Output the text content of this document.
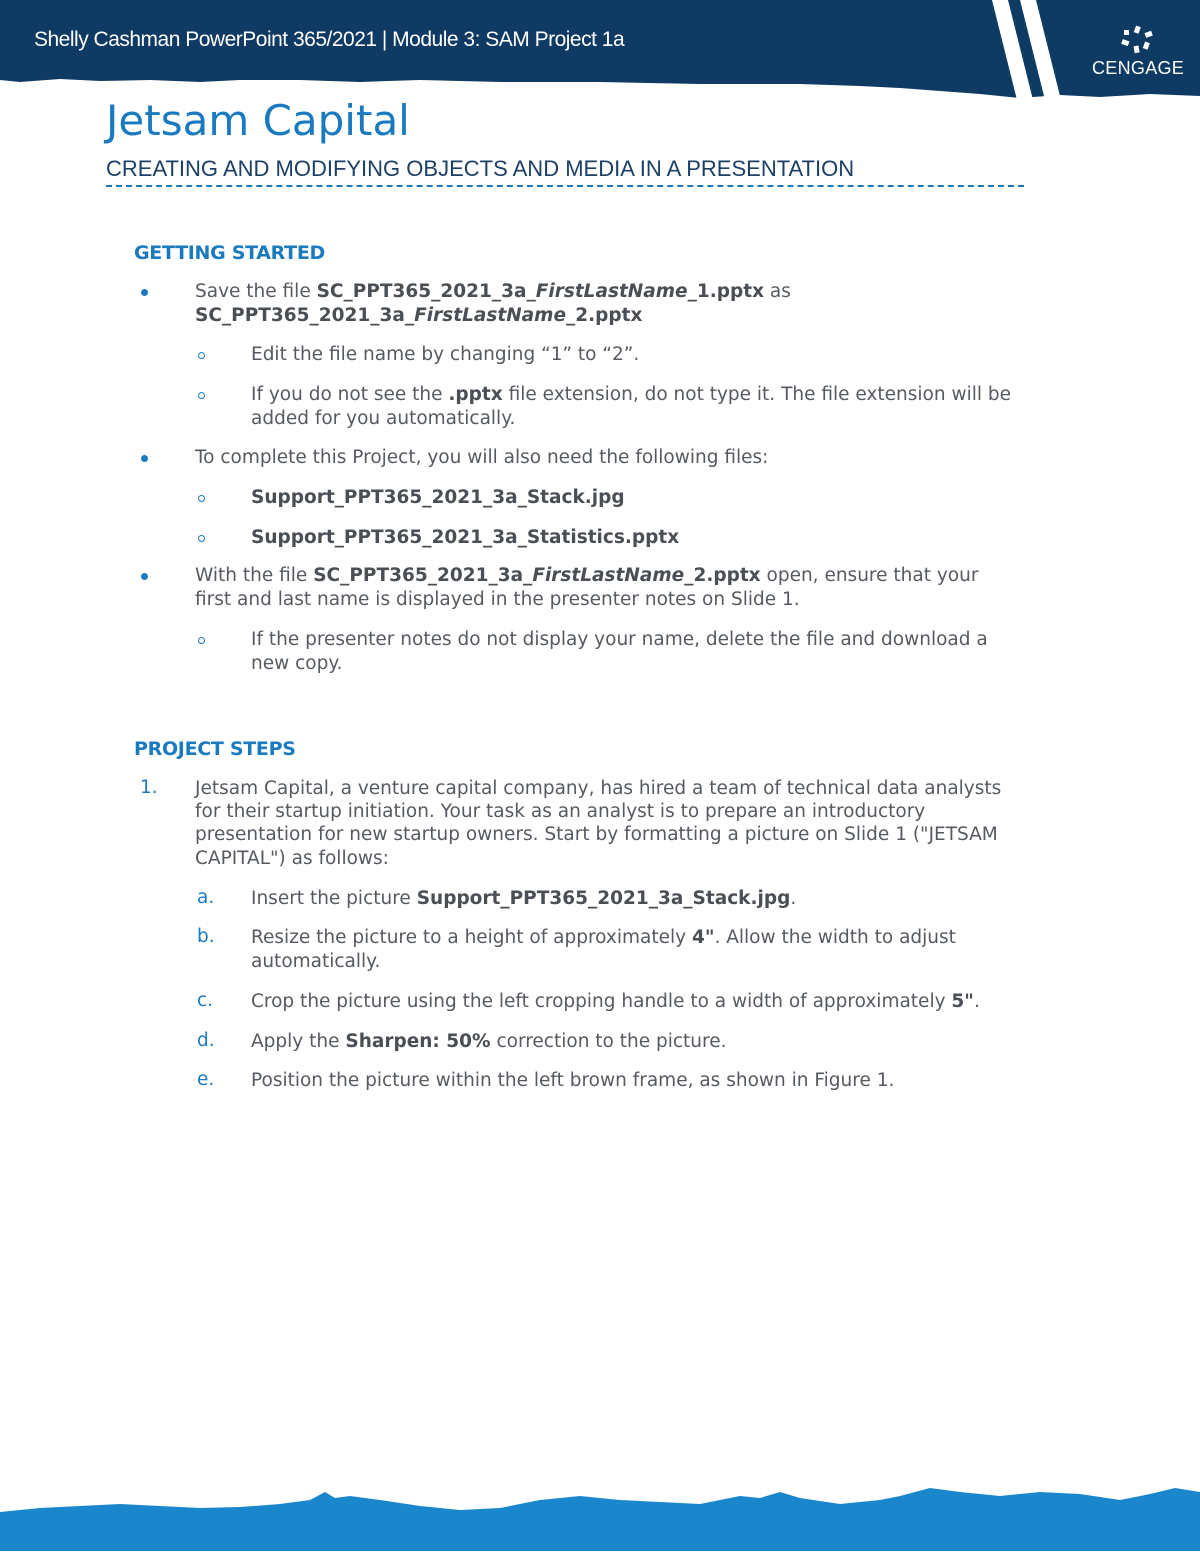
Shelly Cashman PowerPoint 365/2021 | Module 3: SAM Project 1a
CENGAGE
Jetsam Capital
CREATING AND MODIFYING OBJECTS AND MEDIA IN A PRESENTATION
GETTING STARTED
Save the file SC_PPT365_2021_3a_FirstLastName_1.pptx as
SC_PPT365_2021_3a_FirstLastName_2.pptx
Edit the file name by changing “1” to “2”.
If you do not see the .pptx file extension, do not type it. The file extension will be
added for you automatically.
To complete this Project, you will also need the following files:
Support_PPT365_2021_3a_Stack.jpg
Support_PPT365_2021_3a_Statistics.pptx
With the file SC_PPT365_2021_3a_FirstLastName_2.pptx open, ensure that your
first and last name is displayed in the presenter notes on Slide 1.
If the presenter notes do not display your name, delete the file and download a
new copy.
PROJECT STEPS
1. Jetsam Capital, a venture capital company, has hired a team of technical data analysts
for their startup initiation. Your task as an analyst is to prepare an introductory
presentation for new startup owners. Start by formatting a picture on Slide 1 ("JETSAM
CAPITAL") as follows:
a. Insert the picture Support_PPT365_2021_3a_Stack.jpg.
b. Resize the picture to a height of approximately 4". Allow the width to adjust
automatically.
c. Crop the picture using the left cropping handle to a width of approximately 5".
d. Apply the Sharpen: 50% correction to the picture.
e. Position the picture within the left brown frame, as shown in Figure 1.
